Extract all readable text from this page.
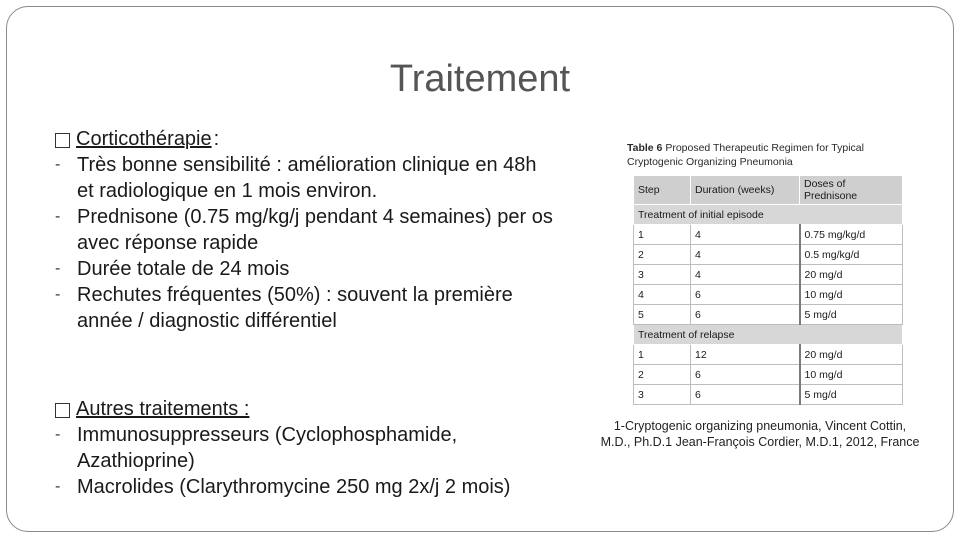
Traitement
Corticothérapie :
- Très bonne sensibilité : amélioration clinique en 48h et radiologique en 1 mois environ.
- Prednisone (0.75 mg/kg/j pendant 4 semaines) per os avec réponse rapide
- Durée totale de 24 mois
- Rechutes fréquentes (50%) : souvent la première année / diagnostic différentiel
Autres traitements :
- Immunosuppresseurs (Cyclophosphamide, Azathioprine)
- Macrolides (Clarythromycine 250 mg 2x/j 2 mois)
Table 6 Proposed Therapeutic Regimen for Typical Cryptogenic Organizing Pneumonia
Step	Duration (weeks)	Doses of Prednisone
Treatment of initial episode		
1	4	0.75 mg/kg/d
2	4	0.5 mg/kg/d
3	4	20 mg/d
4	6	10 mg/d
5	6	5 mg/d
Treatment of relapse		
1	12	20 mg/d
2	6	10 mg/d
3	6	5 mg/d
1-Cryptogenic organizing pneumonia, Vincent Cottin, M.D., Ph.D.1 Jean-François Cordier, M.D.1, 2012, France
